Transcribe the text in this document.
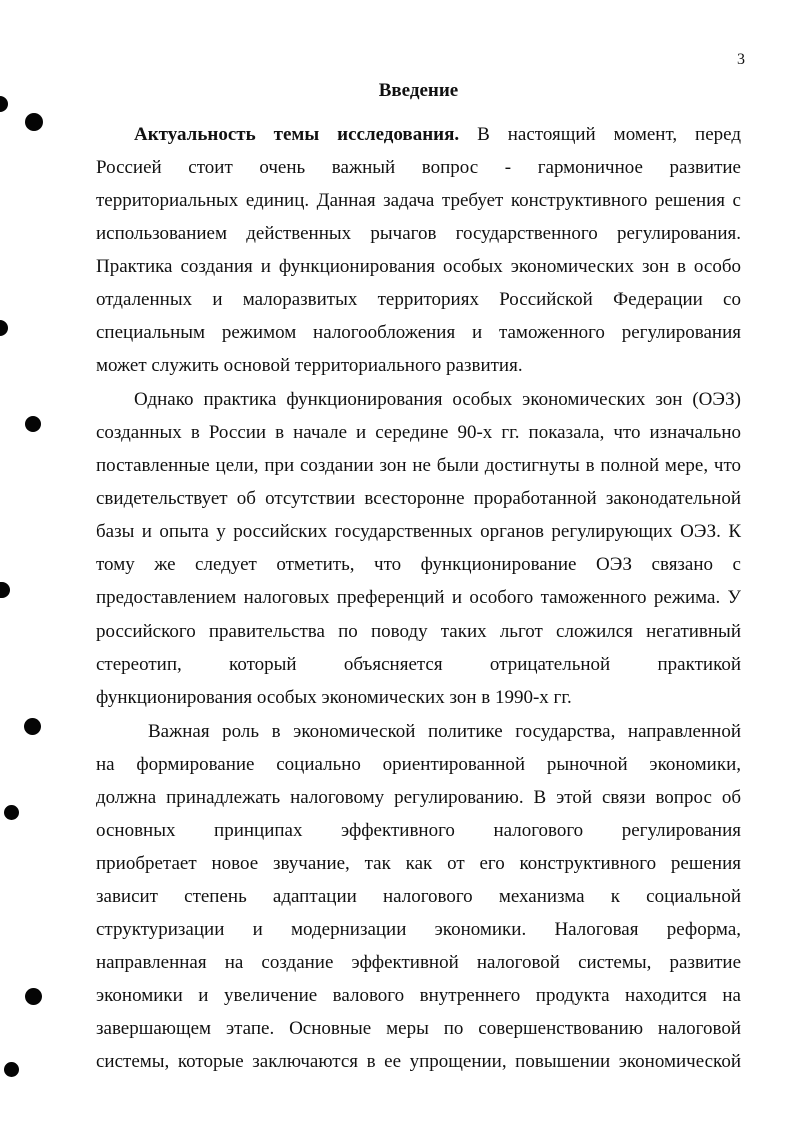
3
Введение
Актуальность темы исследования. В настоящий момент, перед
Россией стоит очень важный вопрос - гармоничное развитие
территориальных единиц. Данная задача требует конструктивного решения с
использованием действенных рычагов государственного регулирования.
Практика создания и функционирования особых экономических зон в особо
отдаленных и малоразвитых территориях Российской Федерации со
специальным режимом налогообложения и таможенного регулирования
может служить основой территориального развития.
Однако практика функционирования особых экономических зон (ОЭЗ)
созданных в России в начале и середине 90-х гг. показала, что изначально
поставленные цели, при создании зон не были достигнуты в полной мере, что
свидетельствует об отсутствии всесторонне проработанной законодательной
базы и опыта у российских государственных органов регулирующих ОЭЗ. К
тому же следует отметить, что функционирование ОЭЗ связано с
предоставлением налоговых преференций и особого таможенного режима. У
российского правительства по поводу таких льгот сложился негативный
стереотип, который объясняется отрицательной практикой
функционирования особых экономических зон в 1990-х гг.
Важная роль в экономической политике государства, направленной
на формирование социально ориентированной рыночной экономики,
должна принадлежать налоговому регулированию. В этой связи вопрос об
основных принципах эффективного налогового регулирования
приобретает новое звучание, так как от его конструктивного решения
зависит степень адаптации налогового механизма к социальной
структуризации и модернизации экономики. Налоговая реформа,
направленная на создание эффективной налоговой системы, развитие
экономики и увеличение валового внутреннего продукта находится на
завершающем этапе. Основные меры по совершенствованию налоговой
системы, которые заключаются в ее упрощении, повышении экономической
